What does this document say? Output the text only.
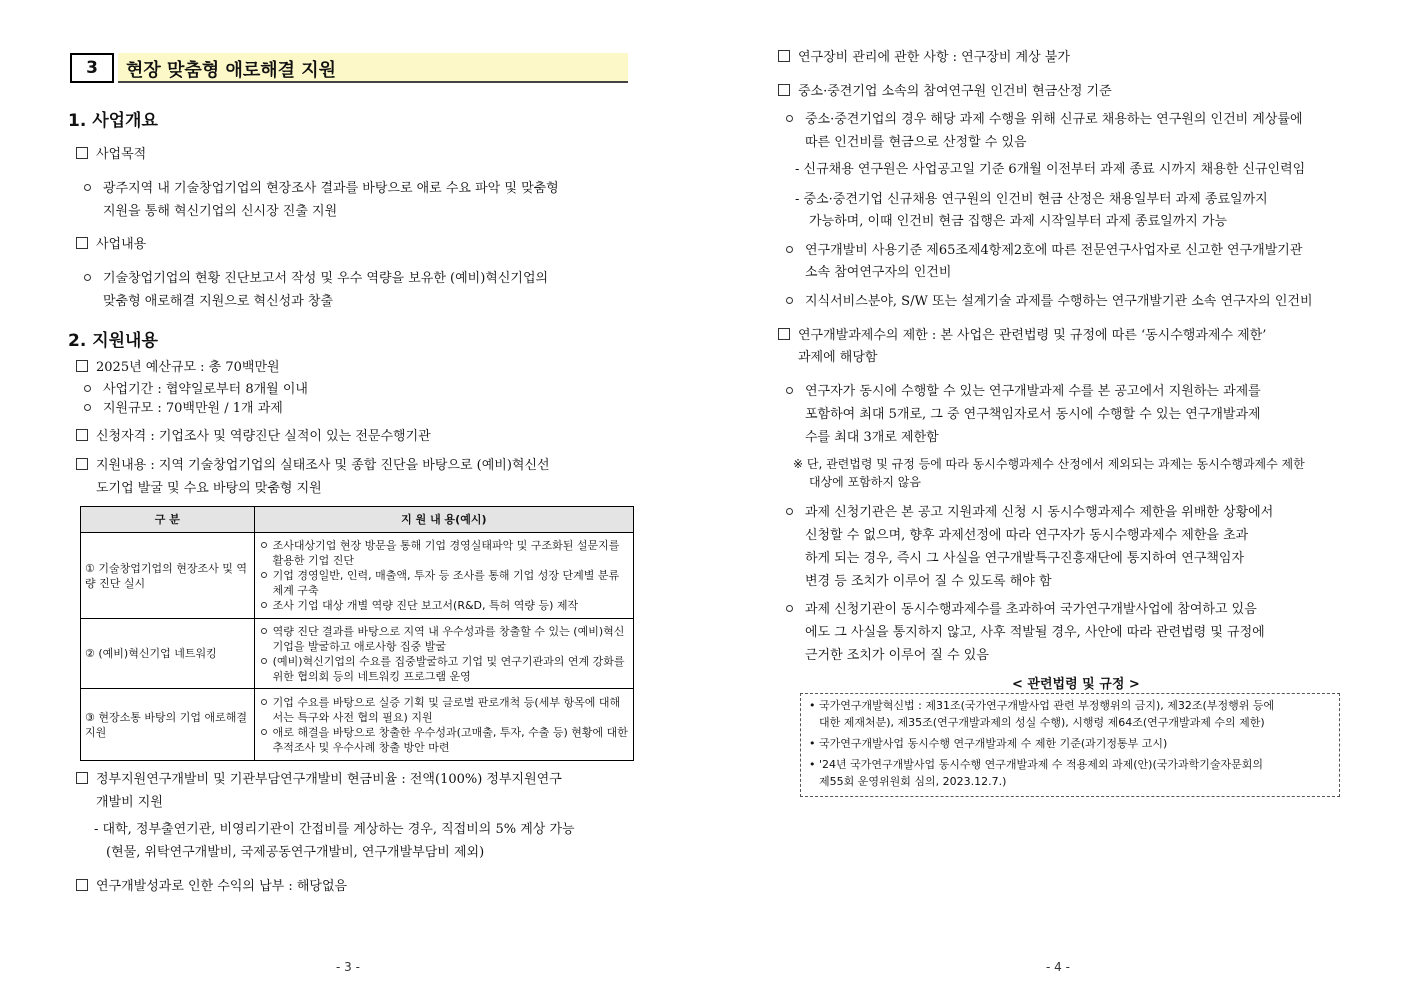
3	현장 맞춤형 애로해결 지원
1. 사업개요
사업목적
광주지역 내 기술창업기업의 현장조사 결과를 바탕으로 애로 수요 파악 및 맞춤형
지원을 통해 혁신기업의 신시장 진출 지원
사업내용
기술창업기업의 현황 진단보고서 작성 및 우수 역량을 보유한 (예비)혁신기업의
맞춤형 애로해결 지원으로 혁신성과 창출
2. 지원내용
2025년 예산규모 : 총 70백만원
사업기간 : 협약일로부터 8개월 이내
지원규모 : 70백만원 / 1개 과제
신청자격 : 기업조사 및 역량진단 실적이 있는 전문수행기관
지원내용 : 지역 기술창업기업의 실태조사 및 종합 진단을 바탕으로 (예비)혁신선
도기업 발굴 및 수요 바탕의 맞춤형 지원
구 분	지 원 내 용(예시)
① 기술창업기업의 현장조사 및 역량 진단 실시	조사대상기업 현장 방문을 통해 기업 경영실태파악 및 구조화된 설문지를 활용한 기업 진단
기업 경영일반, 인력, 매출액, 투자 등 조사를 통해 기업 성장 단계별 분류 체계 구축
조사 기업 대상 개별 역량 진단 보고서(R&D, 특허 역량 등) 제작

② (예비)혁신기업 네트워킹	역량 진단 결과를 바탕으로 지역 내 우수성과를 창출할 수 있는 (예비)혁신기업을 발굴하고 애로사항 집중 발굴
(예비)혁신기업의 수요를 집중발굴하고 기업 및 연구기관과의 연계 강화를 위한 협의회 등의 네트워킹 프로그램 운영

③ 현장소통 바탕의 기업 애로해결 지원	기업 수요를 바탕으로 실증 기획 및 글로벌 판로개척 등(세부 항목에 대해서는 특구와 사전 협의 필요) 지원
애로 해결을 바탕으로 창출한 우수성과(고매출, 투자, 수출 등) 현황에 대한 추적조사 및 우수사례 창출 방안 마련
정부지원연구개발비 및 기관부담연구개발비 현금비율 : 전액(100%) 정부지원연구
개발비 지원
- 대학, 정부출연기관, 비영리기관이 간접비를 계상하는 경우, 직접비의 5% 계상 가능
(현물, 위탁연구개발비, 국제공동연구개발비, 연구개발부담비 제외)
연구개발성과로 인한 수익의 납부 : 해당없음
- 3 -
연구장비 관리에 관한 사항 : 연구장비 계상 불가
중소·중견기업 소속의 참여연구원 인건비 현금산정 기준
중소·중견기업의 경우 해당 과제 수행을 위해 신규로 채용하는 연구원의 인건비 계상률에
따른 인건비를 현금으로 산정할 수 있음
- 신규채용 연구원은 사업공고일 기준 6개월 이전부터 과제 종료 시까지 채용한 신규인력임
- 중소·중견기업 신규채용 연구원의 인건비 현금 산정은 채용일부터 과제 종료일까지
가능하며, 이때 인건비 현금 집행은 과제 시작일부터 과제 종료일까지 가능
연구개발비 사용기준 제65조제4항제2호에 따른 전문연구사업자로 신고한 연구개발기관
소속 참여연구자의 인건비
지식서비스분야, S/W 또는 설계기술 과제를 수행하는 연구개발기관 소속 연구자의 인건비
연구개발과제수의 제한 : 본 사업은 관련법령 및 규정에 따른 ‘동시수행과제수 제한’
과제에 해당함
연구자가 동시에 수행할 수 있는 연구개발과제 수를 본 공고에서 지원하는 과제를
포함하여 최대 5개로, 그 중 연구책임자로서 동시에 수행할 수 있는 연구개발과제
수를 최대 3개로 제한함
※ 단, 관련법령 및 규정 등에 따라 동시수행과제수 산정에서 제외되는 과제는 동시수행과제수 제한
대상에 포함하지 않음
과제 신청기관은 본 공고 지원과제 신청 시 동시수행과제수 제한을 위배한 상황에서
신청할 수 없으며, 향후 과제선정에 따라 연구자가 동시수행과제수 제한을 초과
하게 되는 경우, 즉시 그 사실을 연구개발특구진흥재단에 통지하여 연구책임자
변경 등 조치가 이루어 질 수 있도록 해야 함
과제 신청기관이 동시수행과제수를 초과하여 국가연구개발사업에 참여하고 있음
에도 그 사실을 통지하지 않고, 사후 적발될 경우, 사안에 따라 관련법령 및 규정에
근거한 조치가 이루어 질 수 있음
- 4 -
< 관련법령 및 규정 >
• 국가연구개발혁신법 : 제31조(국가연구개발사업 관련 부정행위의 금지), 제32조(부정행위 등에
대한 제재처분), 제35조(연구개발과제의 성실 수행), 시행령 제64조(연구개발과제 수의 제한)
• 국가연구개발사업 동시수행 연구개발과제 수 제한 기준(과기정통부 고시)
• '24년 국가연구개발사업 동시수행 연구개발과제 수 적용제외 과제(안)(국가과학기술자문회의
제55회 운영위원회 심의, 2023.12.7.)
